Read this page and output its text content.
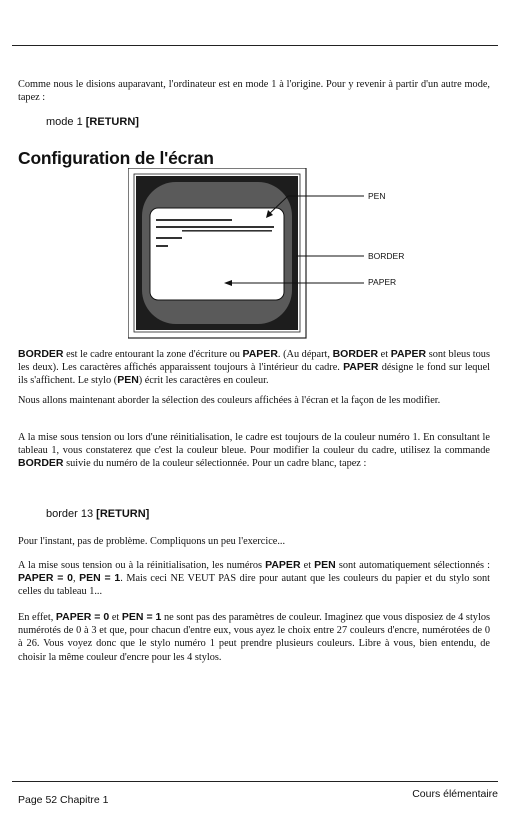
Comme nous le disions auparavant, l'ordinateur est en mode 1 à l'origine. Pour y revenir à partir d'un autre mode, tapez :

mode 1 [RETURN]

Configuration de l'écran
PEN
BORDER
PAPER

BORDER est le cadre entourant la zone d'écriture ou PAPER. (Au départ, BORDER et PAPER sont bleus tous les deux). Les caractères affichés apparaissent toujours à l'intérieur du cadre. PAPER désigne le fond sur lequel ils s'affichent. Le stylo (PEN) écrit les caractères en couleur.

Nous allons maintenant aborder la sélection des couleurs affichées à l'écran et la façon de les modifier.

A la mise sous tension ou lors d'une réinitialisation, le cadre est toujours de la couleur numéro 1. En consultant le tableau 1, vous constaterez que c'est la couleur bleue. Pour modifier la couleur du cadre, utilisez la commande BORDER suivie du numéro de la couleur sélectionnée. Pour un cadre blanc, tapez :

border 13 [RETURN]

Pour l'instant, pas de problème. Compliquons un peu l'exercice...

A la mise sous tension ou à la réinitialisation, les numéros PAPER et PEN sont automatiquement sélectionnés : PAPER = 0, PEN = 1. Mais ceci NE VEUT PAS dire pour autant que les couleurs du papier et du stylo sont celles du tableau 1...

En effet, PAPER = 0 et PEN = 1 ne sont pas des paramètres de couleur. Imaginez que vous disposiez de 4 stylos numérotés de 0 à 3 et que, pour chacun d'entre eux, vous ayez le choix entre 27 couleurs d'encre, numérotées de 0 à 26. Vous voyez donc que le stylo numéro 1 peut prendre plusieurs couleurs. Libre à vous, bien entendu, de choisir la même couleur d'encre pour les 4 stylos.

Page 52 Chapitre 1	Cours élémentaire
